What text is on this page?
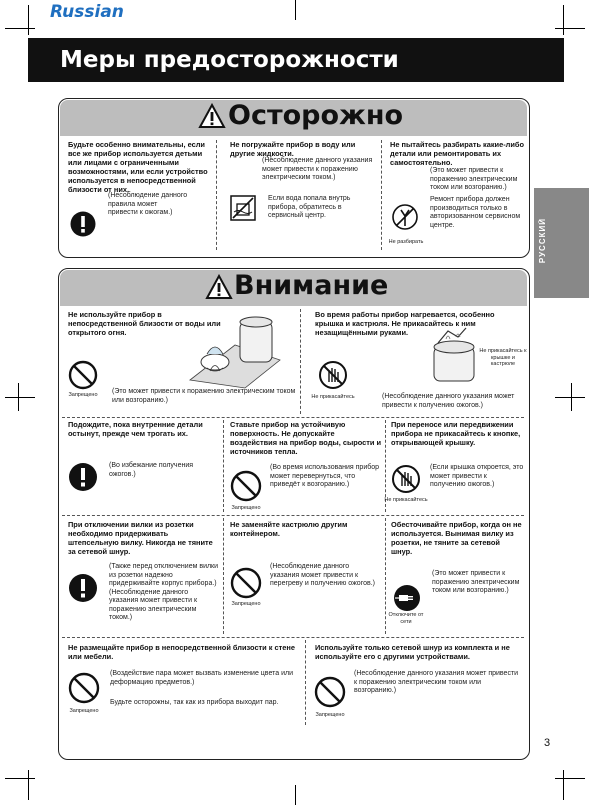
Russian
Меры предосторожности
РУССКИЙ
Осторожно
Будьте особенно внимательны, если все же прибор используется детьми или лицами с ограниченными возможностями, или если устройство используется в непосредственной близости от них.
(Несоблюдение данного правила может привести к ожогам.)
Не погружайте прибор в воду или другие жидкости.
(Несоблюдение данного указания может привести к поражению электрическим током.)
Если вода попала внутрь прибора, обратитесь в сервисный центр.
Не пытайтесь разбирать какие-либо детали или ремонтировать их самостоятельно.
(Это может привести к поражению электрическим током или возгоранию.)
Ремонт прибора должен производиться только в авторизованном сервисном центре.
Не разбирать
Внимание
Не используйте прибор в непосредственной близости от воды или открытого огня.
Запрещено	(Это может привести к поражению электрическим током или возгоранию.)
Во время работы прибор нагревается, особенно крышка и кастрюля. Не прикасайтесь к ним незащищёнными руками.
Не прикасайтесь	(Несоблюдение данного указания может привести к получению ожогов.)
Не прикасайтесь к крышке и кастрюле
Подождите, пока внутренние детали остынут, прежде чем трогать их.
(Во избежание получения ожогов.)
Ставьте прибор на устойчивую поверхность. Не допускайте воздействия на прибор воды, сырости и источников тепла.
Запрещено
(Во время использования прибор может перевернуться, что приведёт к возгоранию.)
При переносе или передвижении прибора не прикасайтесь к кнопке, открывающей крышку.
Не прикасайтесь
(Если крышка откроется, это может привести к получению ожогов.)
При отключении вилки из розетки необходимо придерживать штепсельную вилку. Никогда не тяните за сетевой шнур.
(Также перед отключением вилки из розетки надежно придерживайте корпус прибора.) (Несоблюдение данного указания может привести к поражению электрическим током.)
Не заменяйте кастрюлю другим контейнером.
Запрещено
(Несоблюдение данного указания может привести к перегреву и получению ожогов.)
Обесточивайте прибор, когда он не используется. Вынимая вилку из розетки, не тяните за сетевой шнур.
Отключите от сети
(Это может привести к поражению электрическим током или возгоранию.)
Не размещайте прибор в непосредственной близости к стене или мебели.
Запрещено
(Воздействие пара может вызвать изменение цвета или деформацию предметов.)
Будьте осторожны, так как из прибора выходит пар.
Используйте только сетевой шнур из комплекта и не используйте его с другими устройствами.
Запрещено
(Несоблюдение данного указания может привести к поражению электрическим током или возгоранию.)
3
